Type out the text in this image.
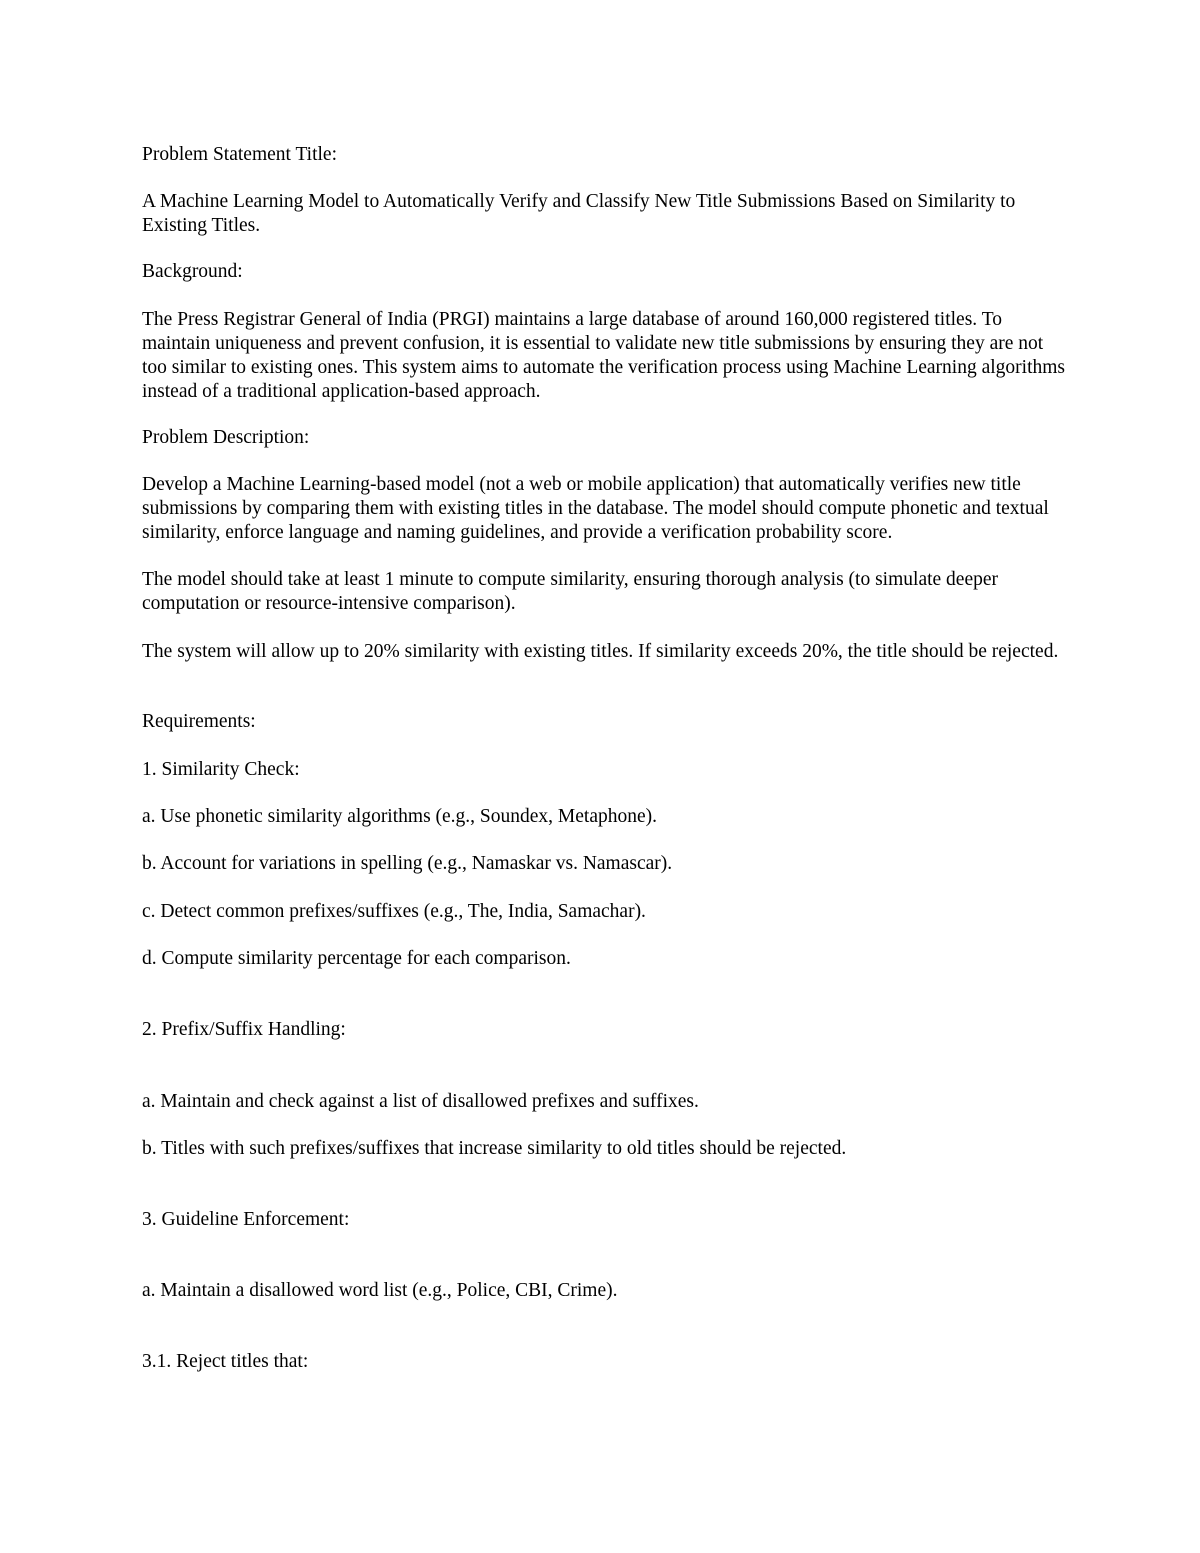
Problem Statement Title:

A Machine Learning Model to Automatically Verify and Classify New Title Submissions Based on Similarity to Existing Titles.

Background:

The Press Registrar General of India (PRGI) maintains a large database of around 160,000 registered titles. To maintain uniqueness and prevent confusion, it is essential to validate new title submissions by ensuring they are not too similar to existing ones. This system aims to automate the verification process using Machine Learning algorithms instead of a traditional application-based approach.

Problem Description:

Develop a Machine Learning-based model (not a web or mobile application) that automatically verifies new title submissions by comparing them with existing titles in the database. The model should compute phonetic and textual similarity, enforce language and naming guidelines, and provide a verification probability score.

The model should take at least 1 minute to compute similarity, ensuring thorough analysis (to simulate deeper computation or resource-intensive comparison).

The system will allow up to 20% similarity with existing titles. If similarity exceeds 20%, the title should be rejected.

Requirements:

1. Similarity Check:

a. Use phonetic similarity algorithms (e.g., Soundex, Metaphone).

b. Account for variations in spelling (e.g., Namaskar vs. Namascar).

c. Detect common prefixes/suffixes (e.g., The, India, Samachar).

d. Compute similarity percentage for each comparison.

2. Prefix/Suffix Handling:

a. Maintain and check against a list of disallowed prefixes and suffixes.

b. Titles with such prefixes/suffixes that increase similarity to old titles should be rejected.

3. Guideline Enforcement:

a. Maintain a disallowed word list (e.g., Police, CBI, Crime).

3.1. Reject titles that:
